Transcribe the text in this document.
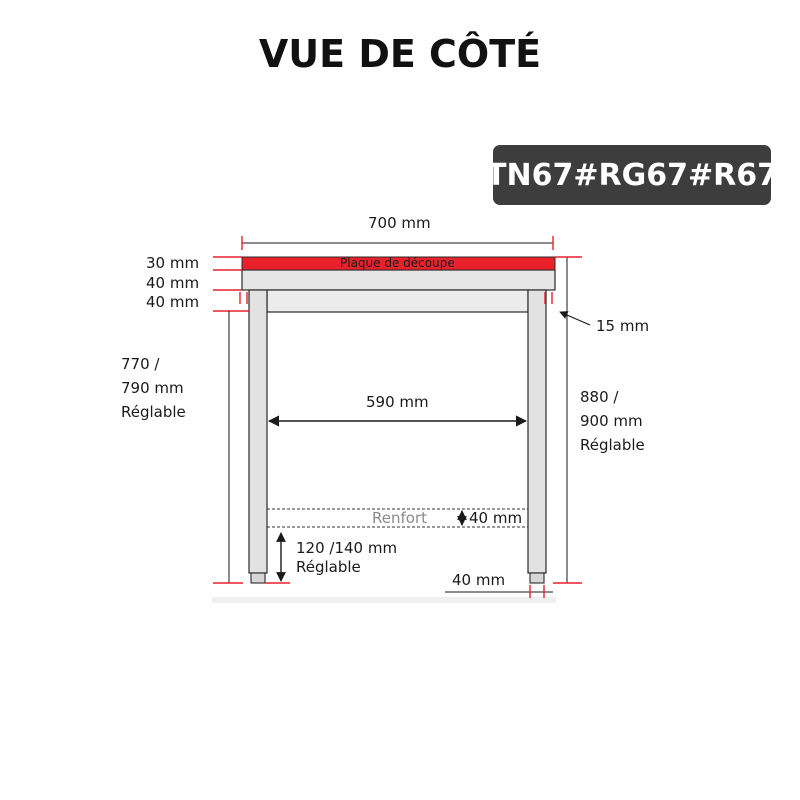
VUE DE CÔTÉ
TN67#RG67#R67
700 mm
Plaque de découpe
30 mm
40 mm
40 mm
15 mm
770 /
790 mm
Réglable
880 /
900 mm
Réglable
590 mm
Renfort	40 mm
120 /140 mm
Réglable
40 mm
